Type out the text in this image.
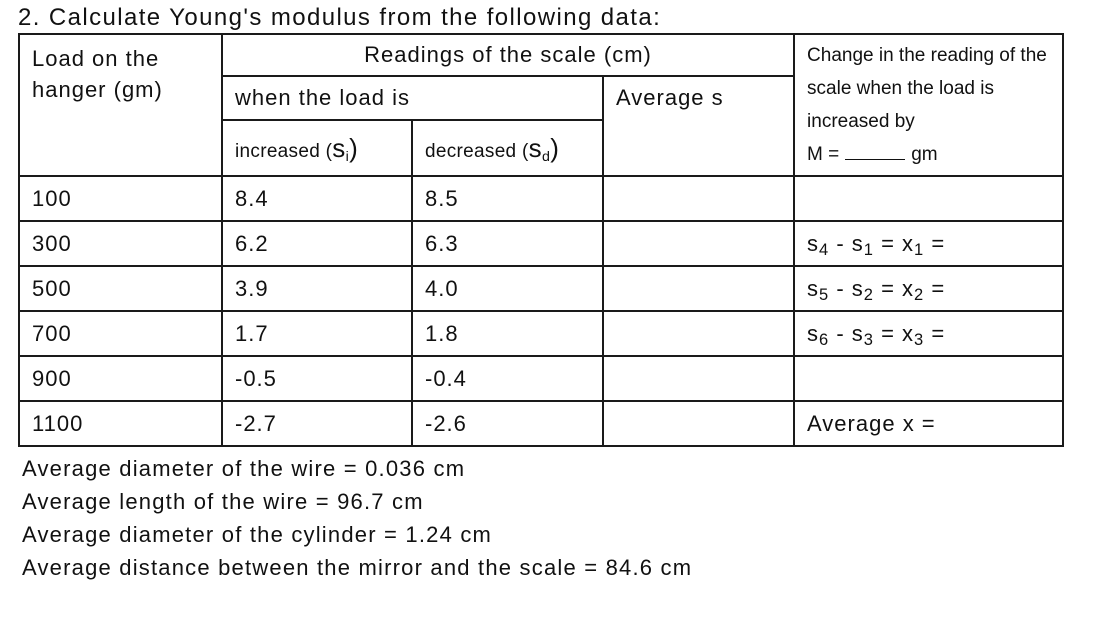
2. Calculate Young's modulus from the following data:
Load on the hanger (gm)	Readings of the scale (cm)			Change in the reading of the scale when the load is increased by
M = gm
	when the load is		Average s	
	increased $(s_i)$	decreased $(s_d)$		
100	8.4	8.5		
300	6.2	6.3		$s_4 - s_1 = x_1$ =
500	3.9	4.0		$s_5 - s_2 = x_2$ =
700	1.7	1.8		$s_6 - s_3 = x_3$ =
900	-0.5	-0.4		
1100	-2.7	-2.6		Average x =
Average diameter of the wire = 0.036 cm
Average length of the wire = 96.7 cm
Average diameter of the cylinder = 1.24 cm
Average distance between the mirror and the scale = 84.6 cm
